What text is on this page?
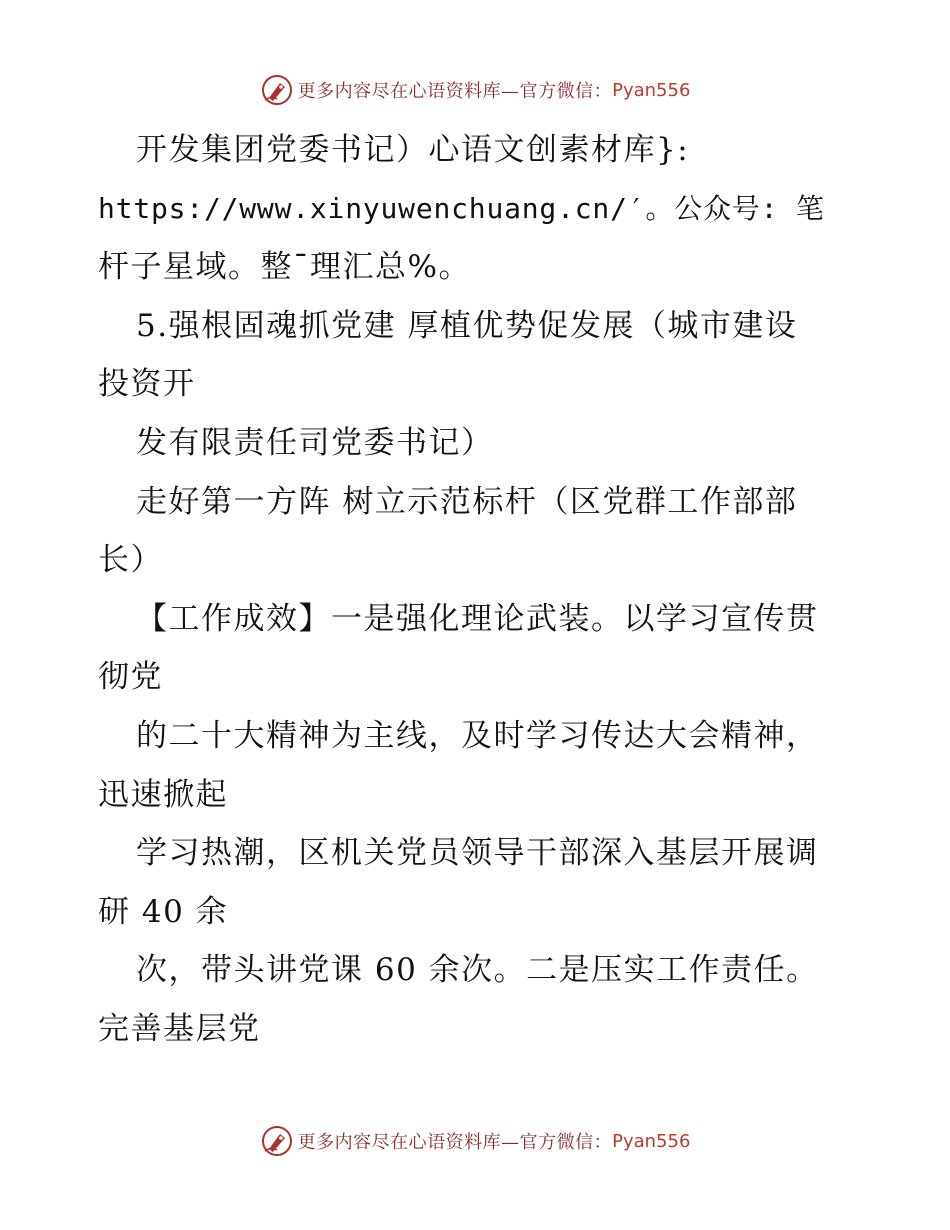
更多内容尽在心语资料库— 官方微信： Pyan556
开发集团党委书记）心语文创素材库}:
https://www.xinyuwenchuang.cn/′。公众号: 笔
杆子星域。整¯理汇总%。
5.强根固魂抓党建 厚植优势促发展（城市建设
投资开
发有限责任司党委书记）
走好第一方阵 树立示范标杆（区党群工作部部
长）
【工作成效】一是强化理论武装。以学习宣传贯
彻党
的二十大精神为主线，及时学习传达大会精神，
迅速掀起
学习热潮，区机关党员领导干部深入基层开展调
研 40 余
次，带头讲党课 60 余次。二是压实工作责任。
完善基层党
更多内容尽在心语资料库— 官方微信： Pyan556
